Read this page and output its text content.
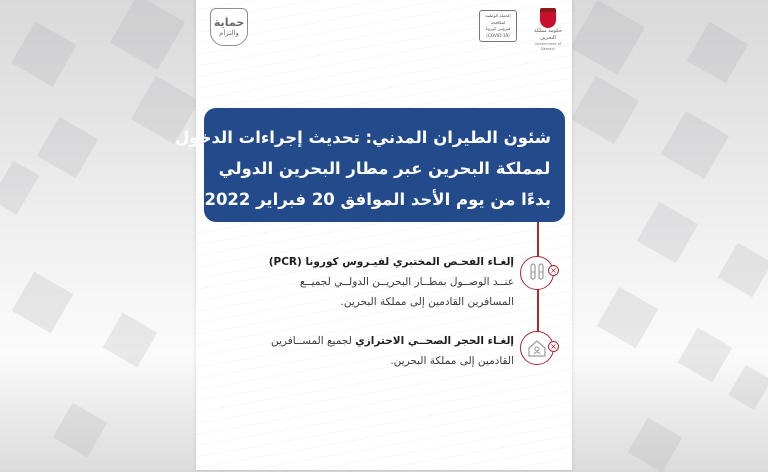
حماية
والتزام
الحملة الوطنية
لمكافحة
فيروس كورونا
(COVID-19)
حكومة مملكة البحرين
Government of Bahrain
شئون الطيران المدني: تحديث إجراءات الدخول
لمملكة البحرين عبر مطار البحرين الدولي
بدءًا من يوم الأحد الموافق 20 فبراير 2022
×
×
إلغـاء الفحـص المختبري لفيـروس كورونا (PCR)
عنــد الوصــول بمطــار البحريــن الدولــي لجميــع
المسافرين القادمين إلى مملكة البحرين.
إلغـاء الحجر الصحــي الاحترازي لجميع المســافرين
القادمين إلى مملكة البحرين.
